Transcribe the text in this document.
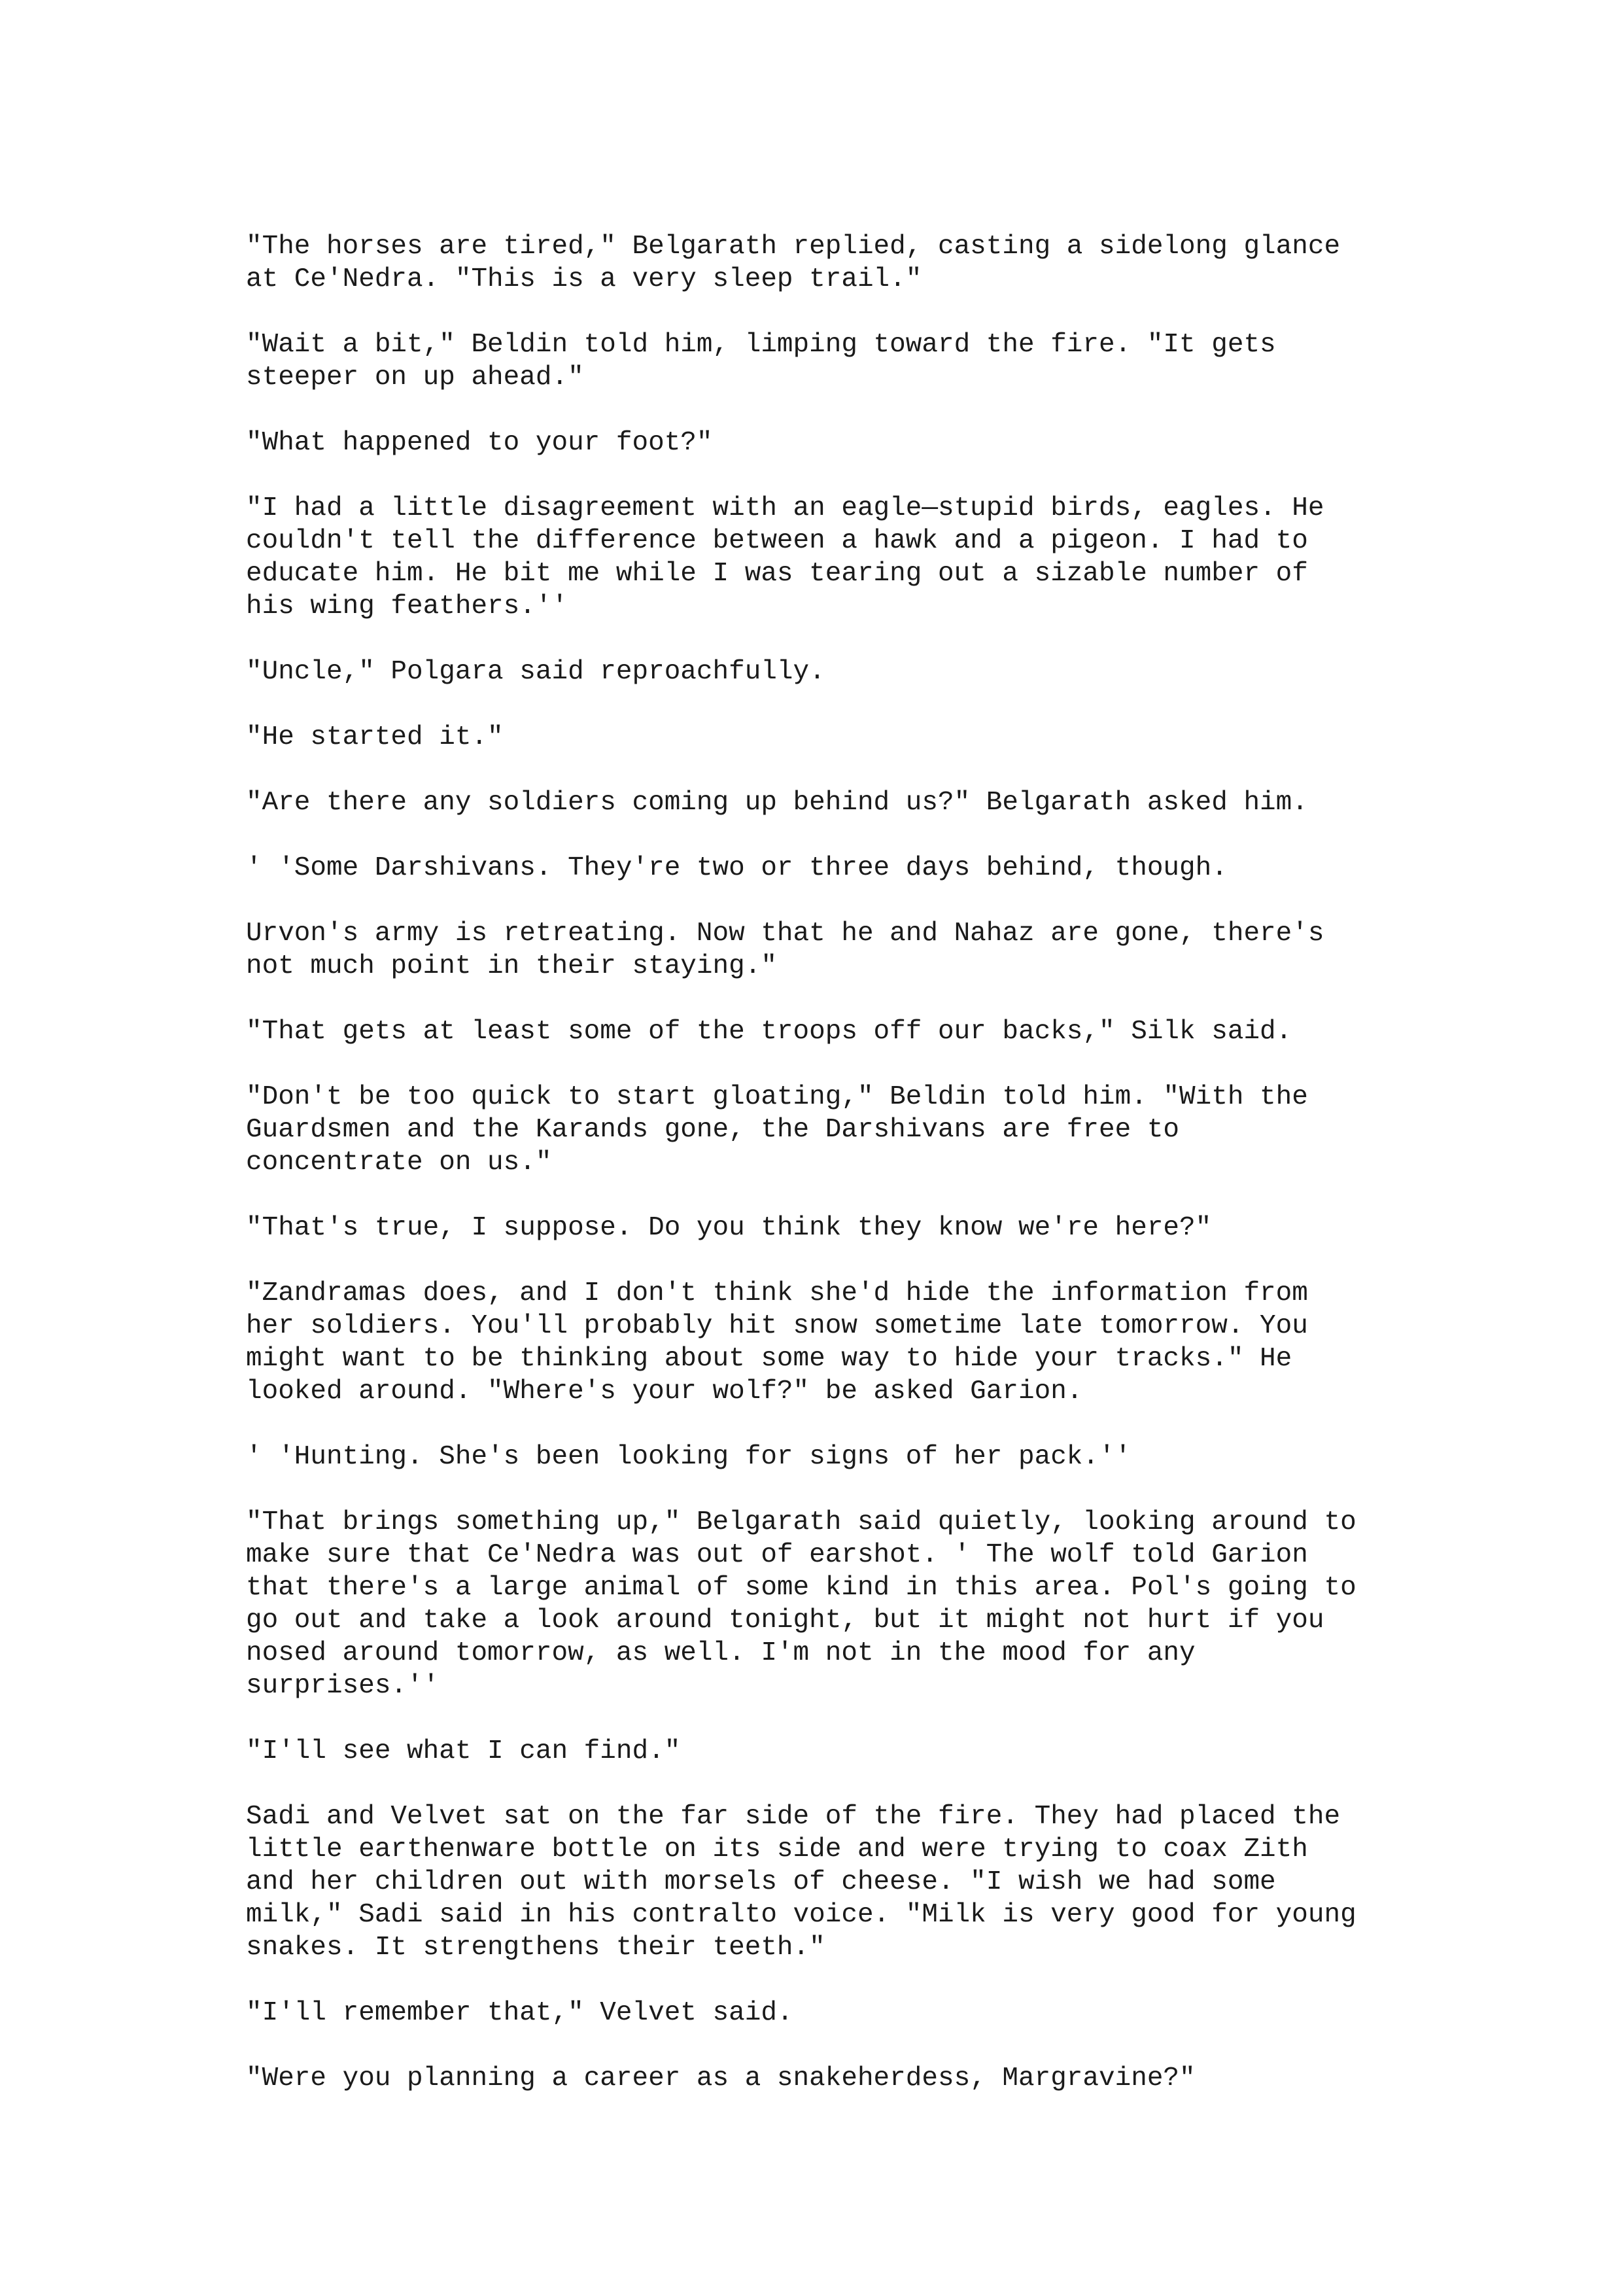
"The horses are tired," Belgarath replied, casting a sidelong glance
at Ce'Nedra. "This is a very sleep trail."

"Wait a bit," Beldin told him, limping toward the fire. "It gets
steeper on up ahead."

"What happened to your foot?"

"I had a little disagreement with an eagle—stupid birds, eagles. He
couldn't tell the difference between a hawk and a pigeon. I had to
educate him. He bit me while I was tearing out a sizable number of
his wing feathers.''

"Uncle," Polgara said reproachfully.

"He started it."

"Are there any soldiers coming up behind us?" Belgarath asked him.

' 'Some Darshivans. They're two or three days behind, though.

Urvon's army is retreating. Now that he and Nahaz are gone, there's
not much point in their staying."

"That gets at least some of the troops off our backs," Silk said.

"Don't be too quick to start gloating," Beldin told him. "With the
Guardsmen and the Karands gone, the Darshivans are free to
concentrate on us."

"That's true, I suppose. Do you think they know we're here?"

"Zandramas does, and I don't think she'd hide the information from
her soldiers. You'll probably hit snow sometime late tomorrow. You
might want to be thinking about some way to hide your tracks." He
looked around. "Where's your wolf?" be asked Garion.

' 'Hunting. She's been looking for signs of her pack.''

"That brings something up," Belgarath said quietly, looking around to
make sure that Ce'Nedra was out of earshot. ' The wolf told Garion
that there's a large animal of some kind in this area. Pol's going to
go out and take a look around tonight, but it might not hurt if you
nosed around tomorrow, as well. I'm not in the mood for any
surprises.''

"I'll see what I can find."

Sadi and Velvet sat on the far side of the fire. They had placed the
little earthenware bottle on its side and were trying to coax Zith
and her children out with morsels of cheese. "I wish we had some
milk," Sadi said in his contralto voice. "Milk is very good for young
snakes. It strengthens their teeth."

"I'll remember that," Velvet said.

"Were you planning a career as a snakeherdess, Margravine?"
